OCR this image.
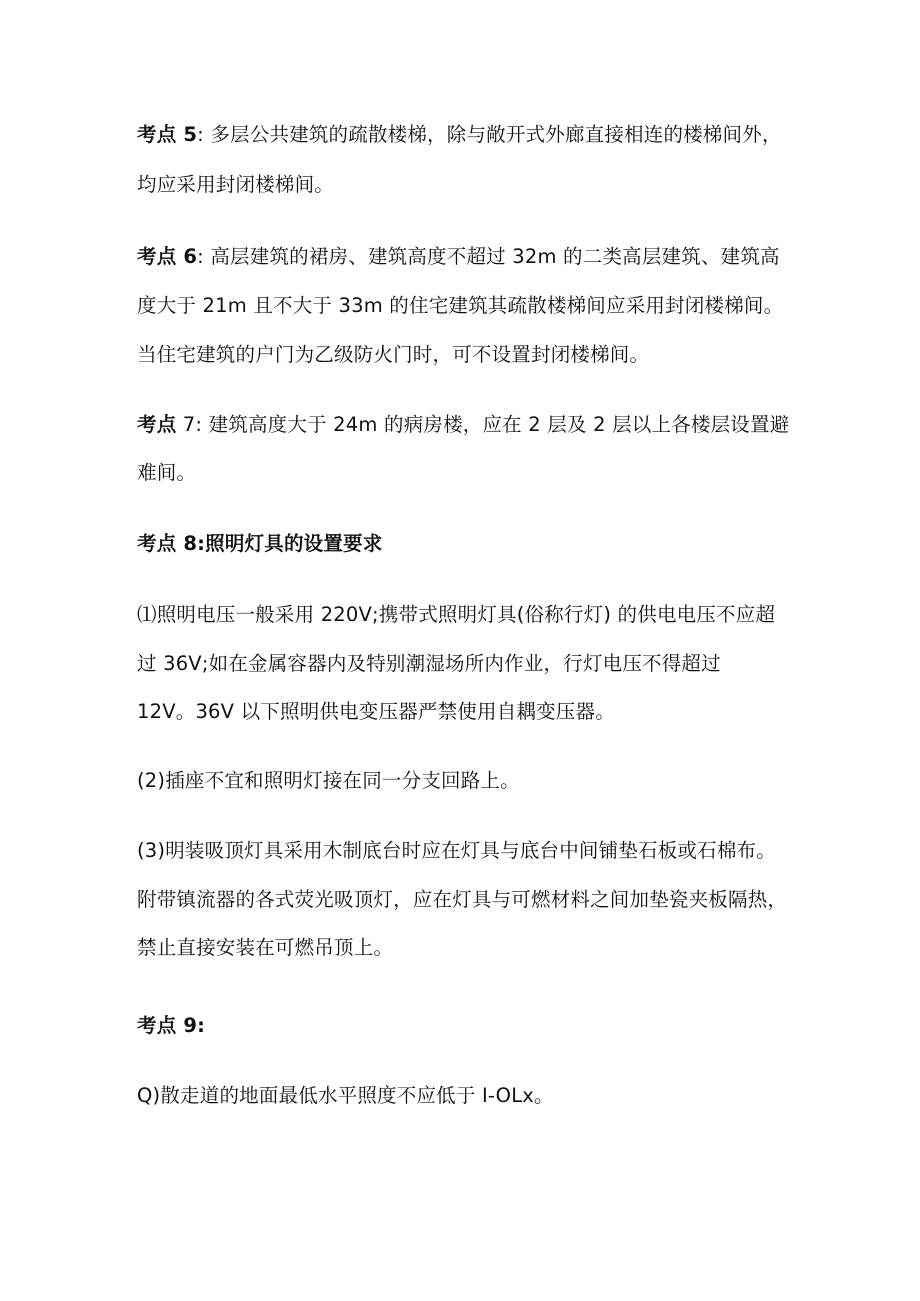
考点 5: 多层公共建筑的疏散楼梯，除与敞开式外廊直接相连的楼梯间外，
均应采用封闭楼梯间。
考点 6: 高层建筑的裙房、建筑高度不超过 32m 的二类高层建筑、建筑高
度大于 21m 且不大于 33m 的住宅建筑其疏散楼梯间应采用封闭楼梯间。
当住宅建筑的户门为乙级防火门时，可不设置封闭楼梯间。
考点 7: 建筑高度大于 24m 的病房楼，应在 2 层及 2 层以上各楼层设置避
难间。
考点 8:照明灯具的设置要求
⑴照明电压一般采用 220V;携带式照明灯具(俗称行灯) 的供电电压不应超
过 36V;如在金属容器内及特别潮湿场所内作业，行灯电压不得超过
12V。36V 以下照明供电变压器严禁使用自耦变压器。
(2)插座不宜和照明灯接在同一分支回路上。
(3)明装吸顶灯具采用木制底台时应在灯具与底台中间铺垫石板或石棉布。
附带镇流器的各式荧光吸顶灯，应在灯具与可燃材料之间加垫瓷夹板隔热，
禁止直接安装在可燃吊顶上。
考点 9:
Q)散走道的地面最低水平照度不应低于 I-OLx。
